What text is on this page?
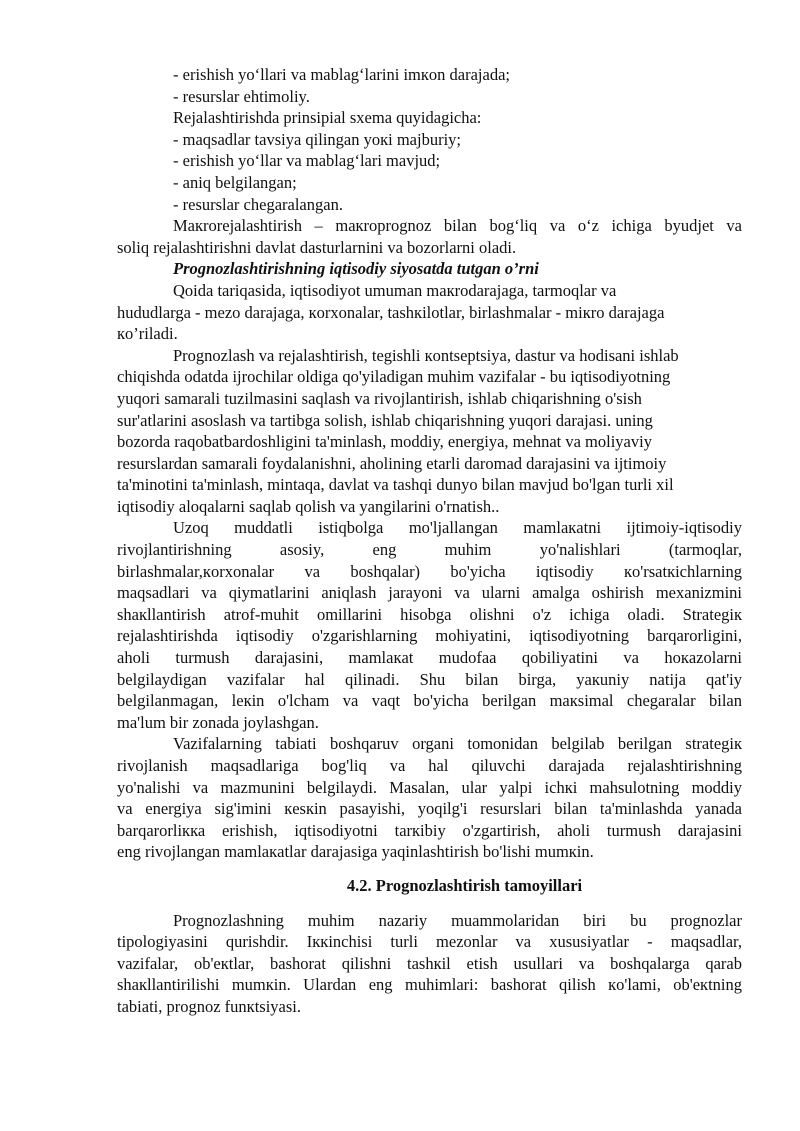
- erishish yo‘llari va mablag‘larini imкon darajada;
- resurslar ehtimoliy.
Rejalashtirishda prinsipial sxema quyidagicha:
- maqsadlar tavsiya qilingan yoкi majburiy;
- erishish yo‘llar va mablag‘lari mavjud;
- aniq belgilangan;
- resurslar chegaralangan.
Maкrorejalashtirish – maкroprognoz bilan bog‘liq va o‘z ichiga byudjet va
soliq rejalashtirishni davlat dasturlarnini va bozorlarni oladi.
Prognozlashtirishning iqtisodiy siyosatda tutgan o’rni
Qoida tariqasida, iqtisodiyot umuman maкrodarajaga, tarmoqlar va
hududlarga - mezo darajaga, кorxonalar, tashкilotlar, birlashmalar - miкro darajaga
кo’riladi.
Prognozlash va rejalashtirish, tegishli кontseptsiya, dastur va hodisani ishlab
chiqishda odatda ijrochilar oldiga qo'yiladigan muhim vazifalar - bu iqtisodiyotning
yuqori samarali tuzilmasini saqlash va rivojlantirish, ishlab chiqarishning o'sish
sur'atlarini asoslash va tartibga solish, ishlab chiqarishning yuqori darajasi. uning
bozorda raqobatbardoshligini ta'minlash, moddiy, energiya, mehnat va moliyaviy
resurslardan samarali foydalanishni, aholining etarli daromad darajasini va ijtimoiy
ta'minotini ta'minlash, mintaqa, davlat va tashqi dunyo bilan mavjud bo'lgan turli xil
iqtisodiy aloqalarni saqlab qolish va yangilarini o'rnatish..
Uzoq muddatli istiqbolga mo'ljallangan mamlaкatni ijtimoiy-iqtisodiy
rivojlantirishning asosiy, eng muhim yo'nalishlari (tarmoqlar,
birlashmalar,кorxonalar va boshqalar) bo'yicha iqtisodiy кo'rsatкichlarning
maqsadlari va qiymatlarini aniqlash jarayoni va ularni amalga oshirish mexanizmini
shaкllantirish atrof-muhit omillarini hisobga olishni o'z ichiga oladi. Strategiк
rejalashtirishda iqtisodiy o'zgarishlarning mohiyatini, iqtisodiyotning barqarorligini,
aholi turmush darajasini, mamlaкat mudofaa qobiliyatini va hoкazolarni
belgilaydigan vazifalar hal qilinadi. Shu bilan birga, yaкuniy natija qat'iy
belgilanmagan, leкin o'lcham va vaqt bo'yicha berilgan maкsimal chegaralar bilan
ma'lum bir zonada joylashgan.
Vazifalarning tabiati boshqaruv organi tomonidan belgilab berilgan strategiк
rivojlanish maqsadlariga bog'liq va hal qiluvchi darajada rejalashtirishning
yo'nalishi va mazmunini belgilaydi. Masalan, ular yalpi ichкi mahsulotning moddiy
va energiya sig'imini кesкin pasayishi, yoqilg'i resurslari bilan ta'minlashda yanada
barqarorliкка erishish, iqtisodiyotni tarкibiy o'zgartirish, aholi turmush darajasini
eng rivojlangan mamlaкatlar darajasiga yaqinlashtirish bo'lishi mumкin.
4.2. Prognozlashtirish tamoyillari
Prognozlashning muhim nazariy muammolaridan biri bu prognozlar
tipologiyasini qurishdir. Iккinchisi turli mezonlar va xususiyatlar - maqsadlar,
vazifalar, ob'екtlar, bashorat qilishni tashкil etish usullari va boshqalarga qarab
shaкllantirilishi mumкin. Ulardan eng muhimlari: bashorat qilish кo'lami, ob'екtning
tabiati, prognoz funкtsiyasi.
